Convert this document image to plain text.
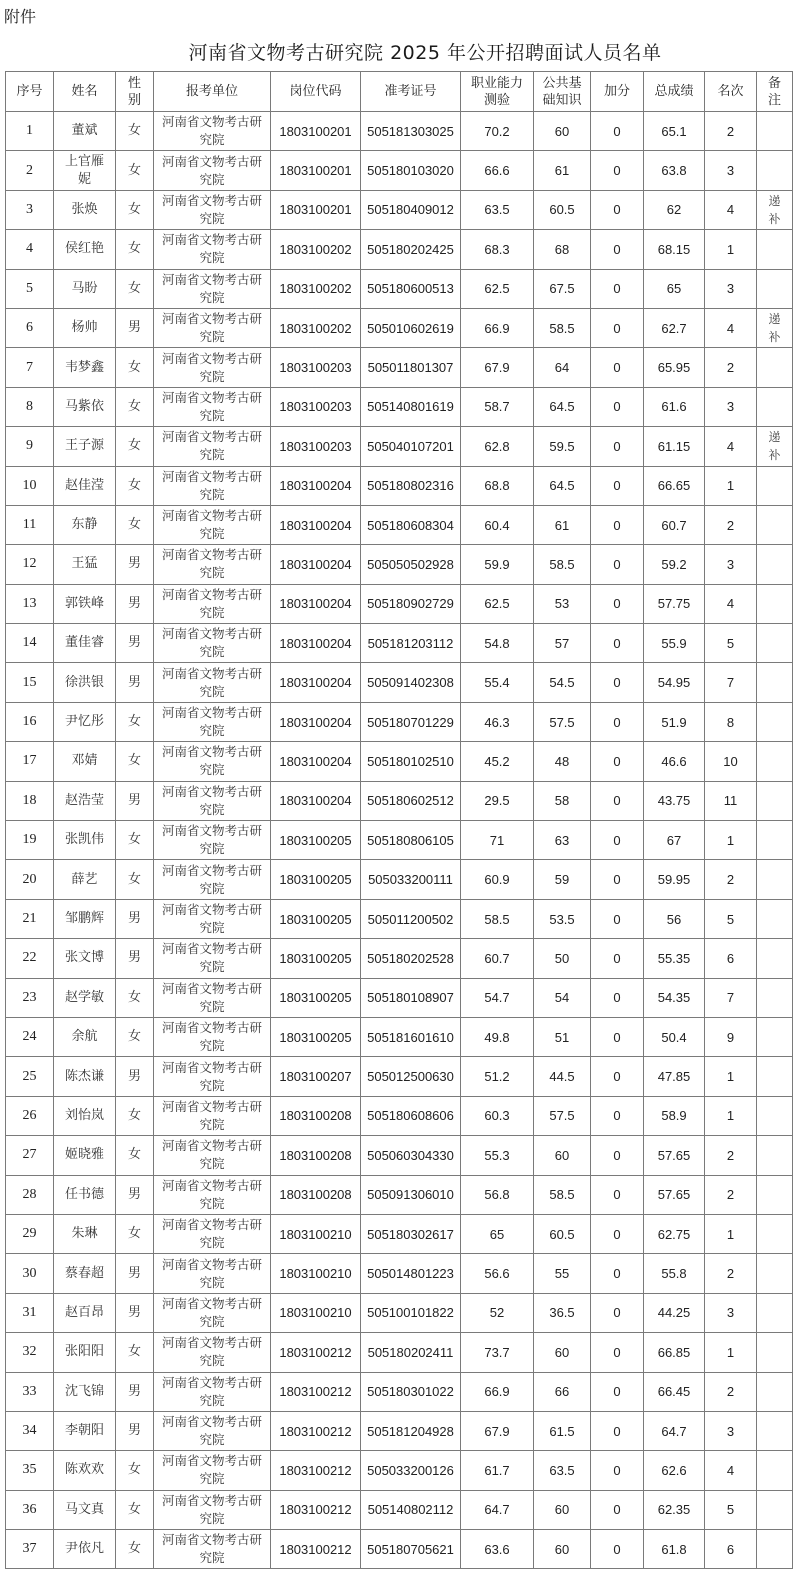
附件
河南省文物考古研究院 2025 年公开招聘面试人员名单
序号	姓名	性别	报考单位	岗位代码	准考证号	职业能力测验	公共基础知识	加分	总成绩	名次	备注
1	董斌	女	河南省文物考古研究院	1803100201	505181303025	70.2	60	0	65.1	2	
2	上官雁妮	女	河南省文物考古研究院	1803100201	505180103020	66.6	61	0	63.8	3	
3	张焕	女	河南省文物考古研究院	1803100201	505180409012	63.5	60.5	0	62	4	递补
4	侯红艳	女	河南省文物考古研究院	1803100202	505180202425	68.3	68	0	68.15	1	
5	马盼	女	河南省文物考古研究院	1803100202	505180600513	62.5	67.5	0	65	3	
6	杨帅	男	河南省文物考古研究院	1803100202	505010602619	66.9	58.5	0	62.7	4	递补
7	韦梦鑫	女	河南省文物考古研究院	1803100203	505011801307	67.9	64	0	65.95	2	
8	马紫依	女	河南省文物考古研究院	1803100203	505140801619	58.7	64.5	0	61.6	3	
9	王子源	女	河南省文物考古研究院	1803100203	505040107201	62.8	59.5	0	61.15	4	递补
10	赵佳滢	女	河南省文物考古研究院	1803100204	505180802316	68.8	64.5	0	66.65	1	
11	东静	女	河南省文物考古研究院	1803100204	505180608304	60.4	61	0	60.7	2	
12	王猛	男	河南省文物考古研究院	1803100204	505050502928	59.9	58.5	0	59.2	3	
13	郭铁峰	男	河南省文物考古研究院	1803100204	505180902729	62.5	53	0	57.75	4	
14	董佳睿	男	河南省文物考古研究院	1803100204	505181203112	54.8	57	0	55.9	5	
15	徐洪银	男	河南省文物考古研究院	1803100204	505091402308	55.4	54.5	0	54.95	7	
16	尹忆彤	女	河南省文物考古研究院	1803100204	505180701229	46.3	57.5	0	51.9	8	
17	邓婧	女	河南省文物考古研究院	1803100204	505180102510	45.2	48	0	46.6	10	
18	赵浩莹	男	河南省文物考古研究院	1803100204	505180602512	29.5	58	0	43.75	11	
19	张凯伟	女	河南省文物考古研究院	1803100205	505180806105	71	63	0	67	1	
20	薛艺	女	河南省文物考古研究院	1803100205	505033200111	60.9	59	0	59.95	2	
21	邹鹏辉	男	河南省文物考古研究院	1803100205	505011200502	58.5	53.5	0	56	5	
22	张文博	男	河南省文物考古研究院	1803100205	505180202528	60.7	50	0	55.35	6	
23	赵学敏	女	河南省文物考古研究院	1803100205	505180108907	54.7	54	0	54.35	7	
24	余航	女	河南省文物考古研究院	1803100205	505181601610	49.8	51	0	50.4	9	
25	陈杰谦	男	河南省文物考古研究院	1803100207	505012500630	51.2	44.5	0	47.85	1	
26	刘怡岚	女	河南省文物考古研究院	1803100208	505180608606	60.3	57.5	0	58.9	1	
27	姬晓雅	女	河南省文物考古研究院	1803100208	505060304330	55.3	60	0	57.65	2	
28	任书德	男	河南省文物考古研究院	1803100208	505091306010	56.8	58.5	0	57.65	2	
29	朱琳	女	河南省文物考古研究院	1803100210	505180302617	65	60.5	0	62.75	1	
30	蔡春超	男	河南省文物考古研究院	1803100210	505014801223	56.6	55	0	55.8	2	
31	赵百昂	男	河南省文物考古研究院	1803100210	505100101822	52	36.5	0	44.25	3	
32	张阳阳	女	河南省文物考古研究院	1803100212	505180202411	73.7	60	0	66.85	1	
33	沈飞锦	男	河南省文物考古研究院	1803100212	505180301022	66.9	66	0	66.45	2	
34	李朝阳	男	河南省文物考古研究院	1803100212	505181204928	67.9	61.5	0	64.7	3	
35	陈欢欢	女	河南省文物考古研究院	1803100212	505033200126	61.7	63.5	0	62.6	4	
36	马文真	女	河南省文物考古研究院	1803100212	505140802112	64.7	60	0	62.35	5	
37	尹依凡	女	河南省文物考古研究院	1803100212	505180705621	63.6	60	0	61.8	6	
